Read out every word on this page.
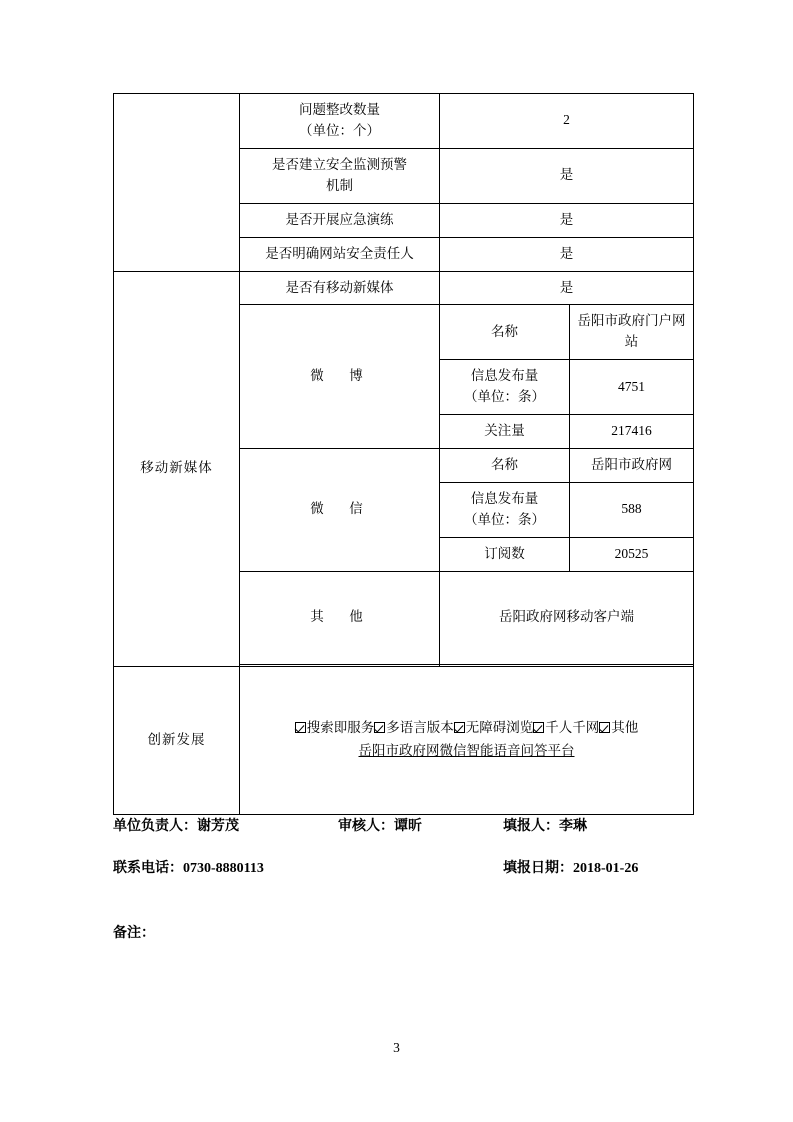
	问题整改数量
（单位：个）	2	

	是否建立安全监测预警
机制	是	
	是否开展应急演练	是	
	是否明确网站安全责任人	是	
移动新媒体	是否有移动新媒体	是	
	微　博	名称	岳阳市政府门户网站

		信息发布量
（单位：条）	4751
		关注量	217416
	微　信	名称	岳阳市政府网

		信息发布量
（单位：条）	588
		订阅数	20525
	其　他	岳阳政府网移动客户端	

创新发展	搜索即服务 多语言版本 无障碍浏览 千人千网 其他
岳阳市政府网微信智能语音问答平台		
单位负责人：谢芳茂	审核人：谭昕	填报人：李琳
联系电话：0730-8880113	填报日期：2018-01-26
备注：
3
